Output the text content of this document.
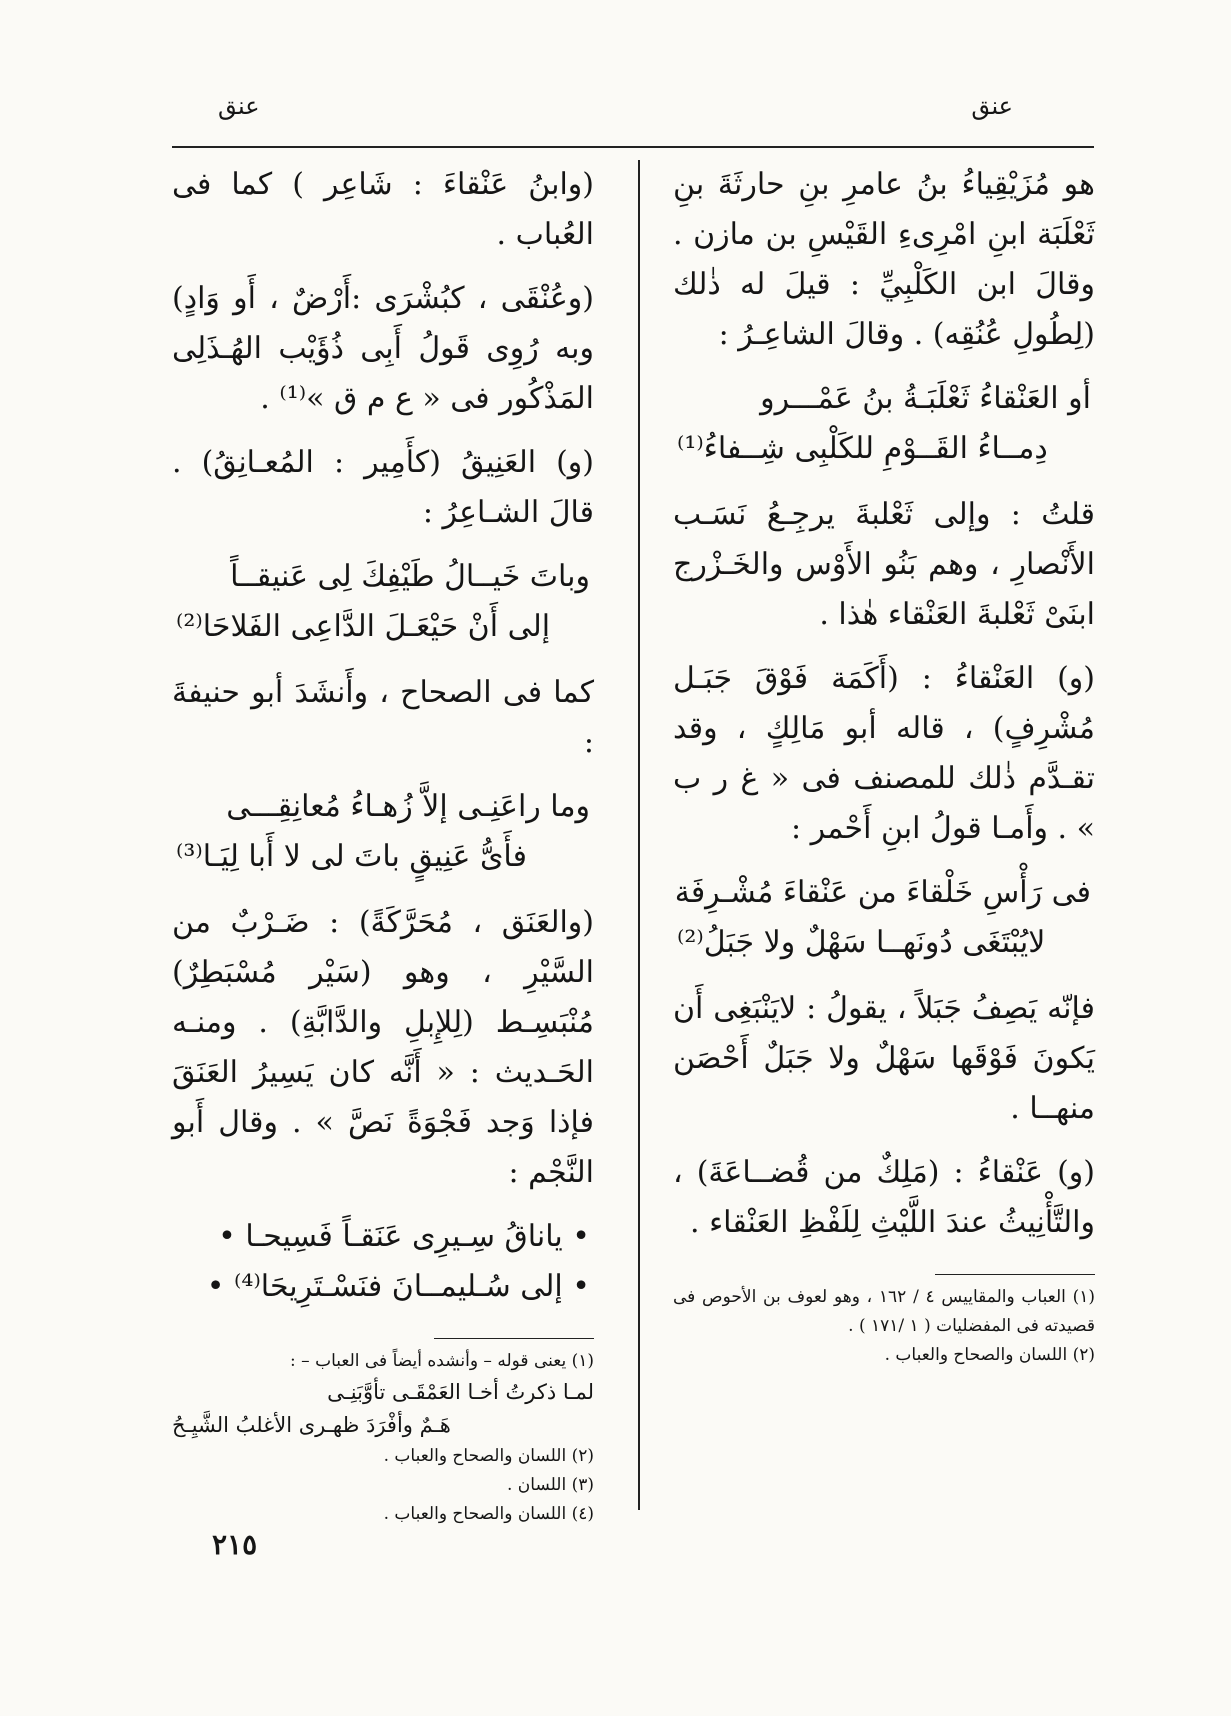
عنق
عنق

هو مُزَيْقِياءُ بنُ عامرِ بنِ حارثَةَ بنِ ثَعْلَبَة ابنِ امْرِىءِ القَيْسِ بن مازن . وقالَ ابن الكَلْبِيِّ : قيلَ له ذٰلك (لِطُولِ عُنُقِه) . وقالَ الشاعِـرُ :

أو العَنْقاءُ ثَعْلَبَـةُ بنُ عَمْـــرو
دِمــاءُ القَــوْمِ للكَلْبِى شِــفاءُ⁽¹⁾

قلتُ : وإلى ثَعْلبةَ يرجِـعُ نَسَـب الأَنْصارِ ، وهم بَنُو الأَوْس والخَـزْرج ابنَىْ ثَعْلبةَ العَنْقاء هٰذا .

(و) العَنْقاءُ : (أَكَمَة فَوْقَ جَبَـل مُشْرِفٍ) ، قاله أبو مَالِكٍ ، وقد تقـدَّم ذٰلك للمصنف فى « غ ر ب » . وأَمـا قولُ ابنِ أَحْمر :

فى رَأْسِ خَلْقاءَ من عَنْقاءَ مُشْـرِفَة
لايُبْتَغَى دُونَهــا سَهْلٌ ولا جَبَلُ⁽²⁾

فإنّه يَصِفُ جَبَلاً ، يقولُ : لايَنْبَغِى أَن يَكونَ فَوْقَها سَهْلٌ ولا جَبَلٌ أَحْصَن منهــا .

(و) عَنْقاءُ : (مَلِكٌ من قُضــاعَةَ) ، والتَّأْنِيثُ عندَ اللَّيْثِ لِلَفْظِ العَنْقاء .

(١) العباب والمقاييس ٤ / ١٦٢ ، وهو لعوف بن الأحوص فى قصيدته فى المفضليات ( ١ /١٧١ ) .

(٢) اللسان والصحاح والعباب .

(وابنُ عَنْقاءَ : شَاعِر ) كما فى العُباب .

(وعُنْقَى ، كبُشْرَى :أَرْضٌ ، أَو وَادٍ) وبه رُوِى قَولُ أَبِى ذُؤَيْب الهُـذَلِى المَذْكُور فى « ع م ق »⁽¹⁾ .

(و) العَنِيقُ (كأَمِير : المُعـانِقُ) . قالَ الشـاعِرُ :

وباتَ خَيــالُ طَيْفِكَ لِى عَنيقــاً
إلى أَنْ حَيْعَـلَ الدَّاعِى الفَلاحَا⁽²⁾

كما فى الصحاح ، وأَنشَدَ أبو حنيفةَ :

وما راعَنِـى إلاَّ زُهـاءُ مُعانِقِـــى
فأَىُّ عَنِيقٍ باتَ لى لا أَبا لِيَـا⁽³⁾

(والعَنَق ، مُحَرَّكَةً) : ضَـرْبٌ من السَّيْرِ ، وهو (سَيْر مُسْبَطِرٌ) مُنْبَسِـط (لِلإِبلِ والدَّابَّةِ) . ومنـه الحَـديث : « أَنَّه كان يَسِيرُ العَنَقَ فإذا وَجد فَجْوَةً نَصَّ » . وقال أَبو النَّجْم :

• ياناقُ سِـيرِى عَنَقـاً فَسِيحـا •
• إلى سُـليمــانَ فنَسْـتَرِيحَا⁽⁴⁾ •

(١) يعنى قوله – وأنشده أيضاً فى العباب – :

لمـا ذكرتُ أخـا العَمْقَـى تأوَّبَنِـى
هَـمٌ وأفْرَدَ ظهـرى الأغلبُ الشَّيِـحُ

(٢) اللسان والصحاح والعباب .

(٣) اللسان .

(٤) اللسان والصحاح والعباب .

٢١٥
